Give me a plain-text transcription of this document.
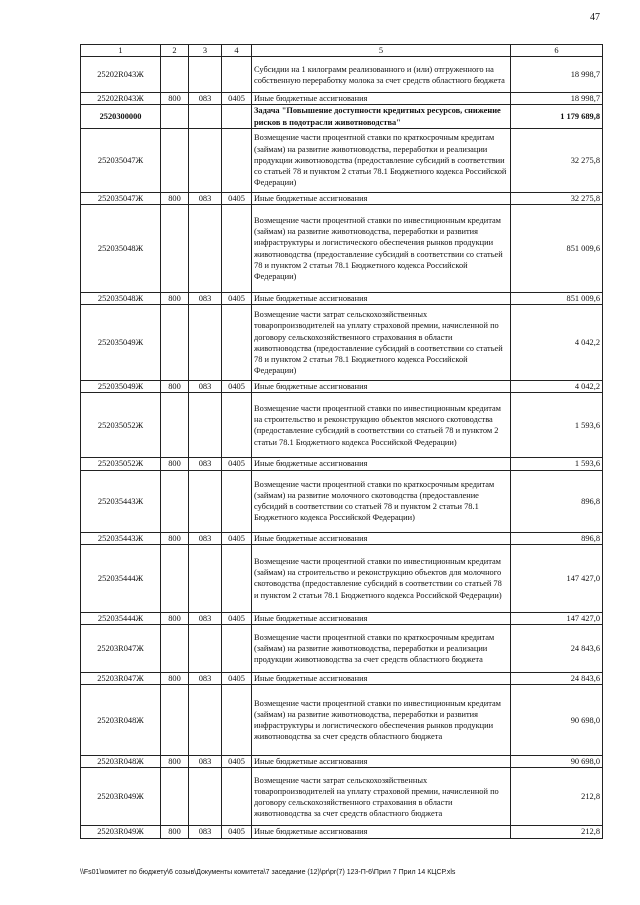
47
1	2	3	4	5	6
25202R043Ж				Субсидии на 1 килограмм реализованного и (или) отгруженного на собственную переработку молока за счет средств областного бюджета	18 998,7
25202R043Ж	800	083	0405	Иные бюджетные ассигнования	18 998,7
2520300000				Задача "Повышение доступности кредитных ресурсов, снижение рисков в подотрасли животноводства"	1 179 689,8
252035047Ж				Возмещение части процентной ставки по краткосрочным кредитам (займам) на развитие животноводства, переработки и реализации продукции животноводства (предоставление субсидий в соответствии со статьей 78 и пунктом 2 статьи 78.1 Бюджетного кодекса Российской Федерации)	32 275,8
252035047Ж	800	083	0405	Иные бюджетные ассигнования	32 275,8
252035048Ж				Возмещение части процентной ставки по инвестиционным кредитам (займам) на развитие животноводства, переработки и развития инфраструктуры и логистического обеспечения рынков продукции животноводства (предоставление субсидий в соответствии со статьей 78 и пунктом 2 статьи 78.1 Бюджетного кодекса Российской Федерации)	851 009,6
252035048Ж	800	083	0405	Иные бюджетные ассигнования	851 009,6
252035049Ж				Возмещение части затрат сельскохозяйственных товаропроизводителей на уплату страховой премии, начисленной по договору сельскохозяйственного страхования в области животноводства (предоставление субсидий в соответствии со статьей 78 и пунктом 2 статьи 78.1 Бюджетного кодекса Российской Федерации)	4 042,2
252035049Ж	800	083	0405	Иные бюджетные ассигнования	4 042,2
252035052Ж				Возмещение части процентной ставки по инвестиционным кредитам на строительство и реконструкцию объектов мясного скотоводства (предоставление субсидий в соответствии со статьей 78 и пунктом 2 статьи 78.1 Бюджетного кодекса Российской Федерации)	1 593,6
252035052Ж	800	083	0405	Иные бюджетные ассигнования	1 593,6
252035443Ж				Возмещение части процентной ставки по краткосрочным кредитам (займам) на развитие молочного скотоводства (предоставление субсидий в соответствии со статьей 78 и пунктом 2 статьи 78.1 Бюджетного кодекса Российской Федерации)	896,8
252035443Ж	800	083	0405	Иные бюджетные ассигнования	896,8
252035444Ж				Возмещение части процентной ставки по инвестиционным кредитам (займам) на строительство и реконструкцию объектов для молочного скотоводства (предоставление субсидий в соответствии со статьей 78 и пунктом 2 статьи 78.1 Бюджетного кодекса Российской Федерации)	147 427,0
252035444Ж	800	083	0405	Иные бюджетные ассигнования	147 427,0
25203R047Ж				Возмещение части процентной ставки по краткосрочным кредитам (займам) на развитие животноводства, переработки и реализации продукции животноводства за счет средств областного бюджета	24 843,6
25203R047Ж	800	083	0405	Иные бюджетные ассигнования	24 843,6
25203R048Ж				Возмещение части процентной ставки по инвестиционным кредитам (займам) на развитие животноводства, переработки и развития инфраструктуры и логистического обеспечения рынков продукции животноводства за счет средств областного бюджета	90 698,0
25203R048Ж	800	083	0405	Иные бюджетные ассигнования	90 698,0
25203R049Ж				Возмещение части затрат сельскохозяйственных товаропроизводителей на уплату страховой премии, начисленной по договору сельскохозяйственного страхования в области животноводства за счет средств областного бюджета	212,8
25203R049Ж	800	083	0405	Иные бюджетные ассигнования	212,8
\\Fs01\комитет по бюджету\6 созыв\Документы комитета\7 заседание (12)\pr\pr(7) 123-П-6\Прил 7 Прил 14 КЦСР.xls
